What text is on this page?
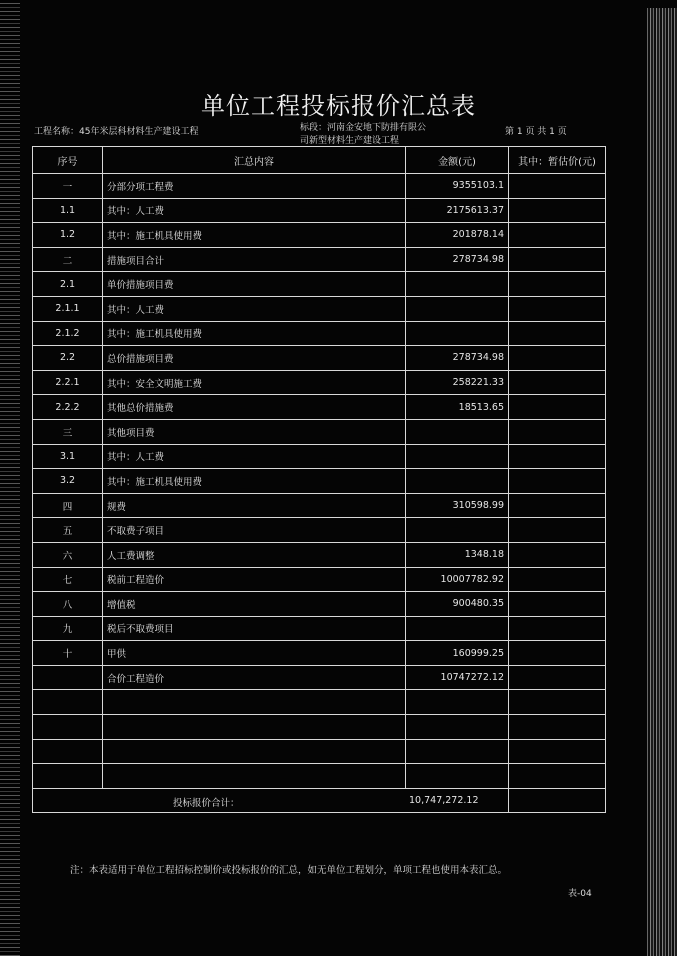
单位工程投标报价汇总表
工程名称：45年米层科材料生产建设工程	标段：河南金安地下防排有限公
司新型材料生产建设工程
第 1 页 共 1 页
序号	汇总内容	金额(元)	其中：暂估价(元)
一	分部分项工程费	9355103.1	
1.1	其中：人工费	2175613.37	
1.2	其中：施工机具使用费	201878.14	
二	措施项目合计	278734.98	
2.1	单价措施项目费		
2.1.1	其中：人工费		
2.1.2	其中：施工机具使用费		
2.2	总价措施项目费	278734.98	
2.2.1	其中：安全文明施工费	258221.33	
2.2.2	其他总价措施费	18513.65	
三	其他项目费		
3.1	其中：人工费		
3.2	其中：施工机具使用费		
四	规费	310598.99	
五	不取费子项目		
六	人工费调整	1348.18	
七	税前工程造价	10007782.92	
八	增值税	900480.35	
九	税后不取费项目		
十	甲供	160999.25	
	合价工程造价	10747272.12	

投标报价合计： 10,747,272.12			

注：本表适用于单位工程招标控制价或投标报价的汇总，如无单位工程划分，单项工程也使用本表汇总。
表-04
